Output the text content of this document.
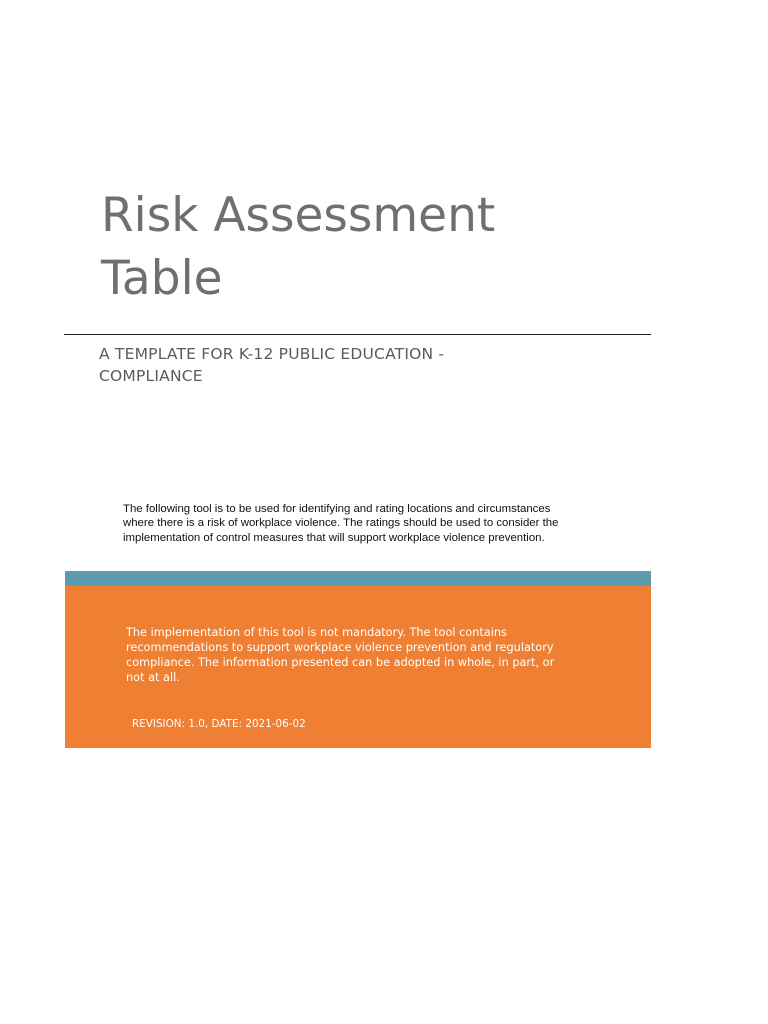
Risk Assessment
Table
A TEMPLATE FOR K-12 PUBLIC EDUCATION -
COMPLIANCE

The following tool is to be used for identifying and rating locations and circumstances where there is a risk of workplace violence. The ratings should be used to consider the implementation of control measures that will support workplace violence prevention.

The implementation of this tool is not mandatory. The tool contains recommendations to support workplace violence prevention and regulatory compliance. The information presented can be adopted in whole, in part, or not at all.

REVISION: 1.0, DATE: 2021-06-02
